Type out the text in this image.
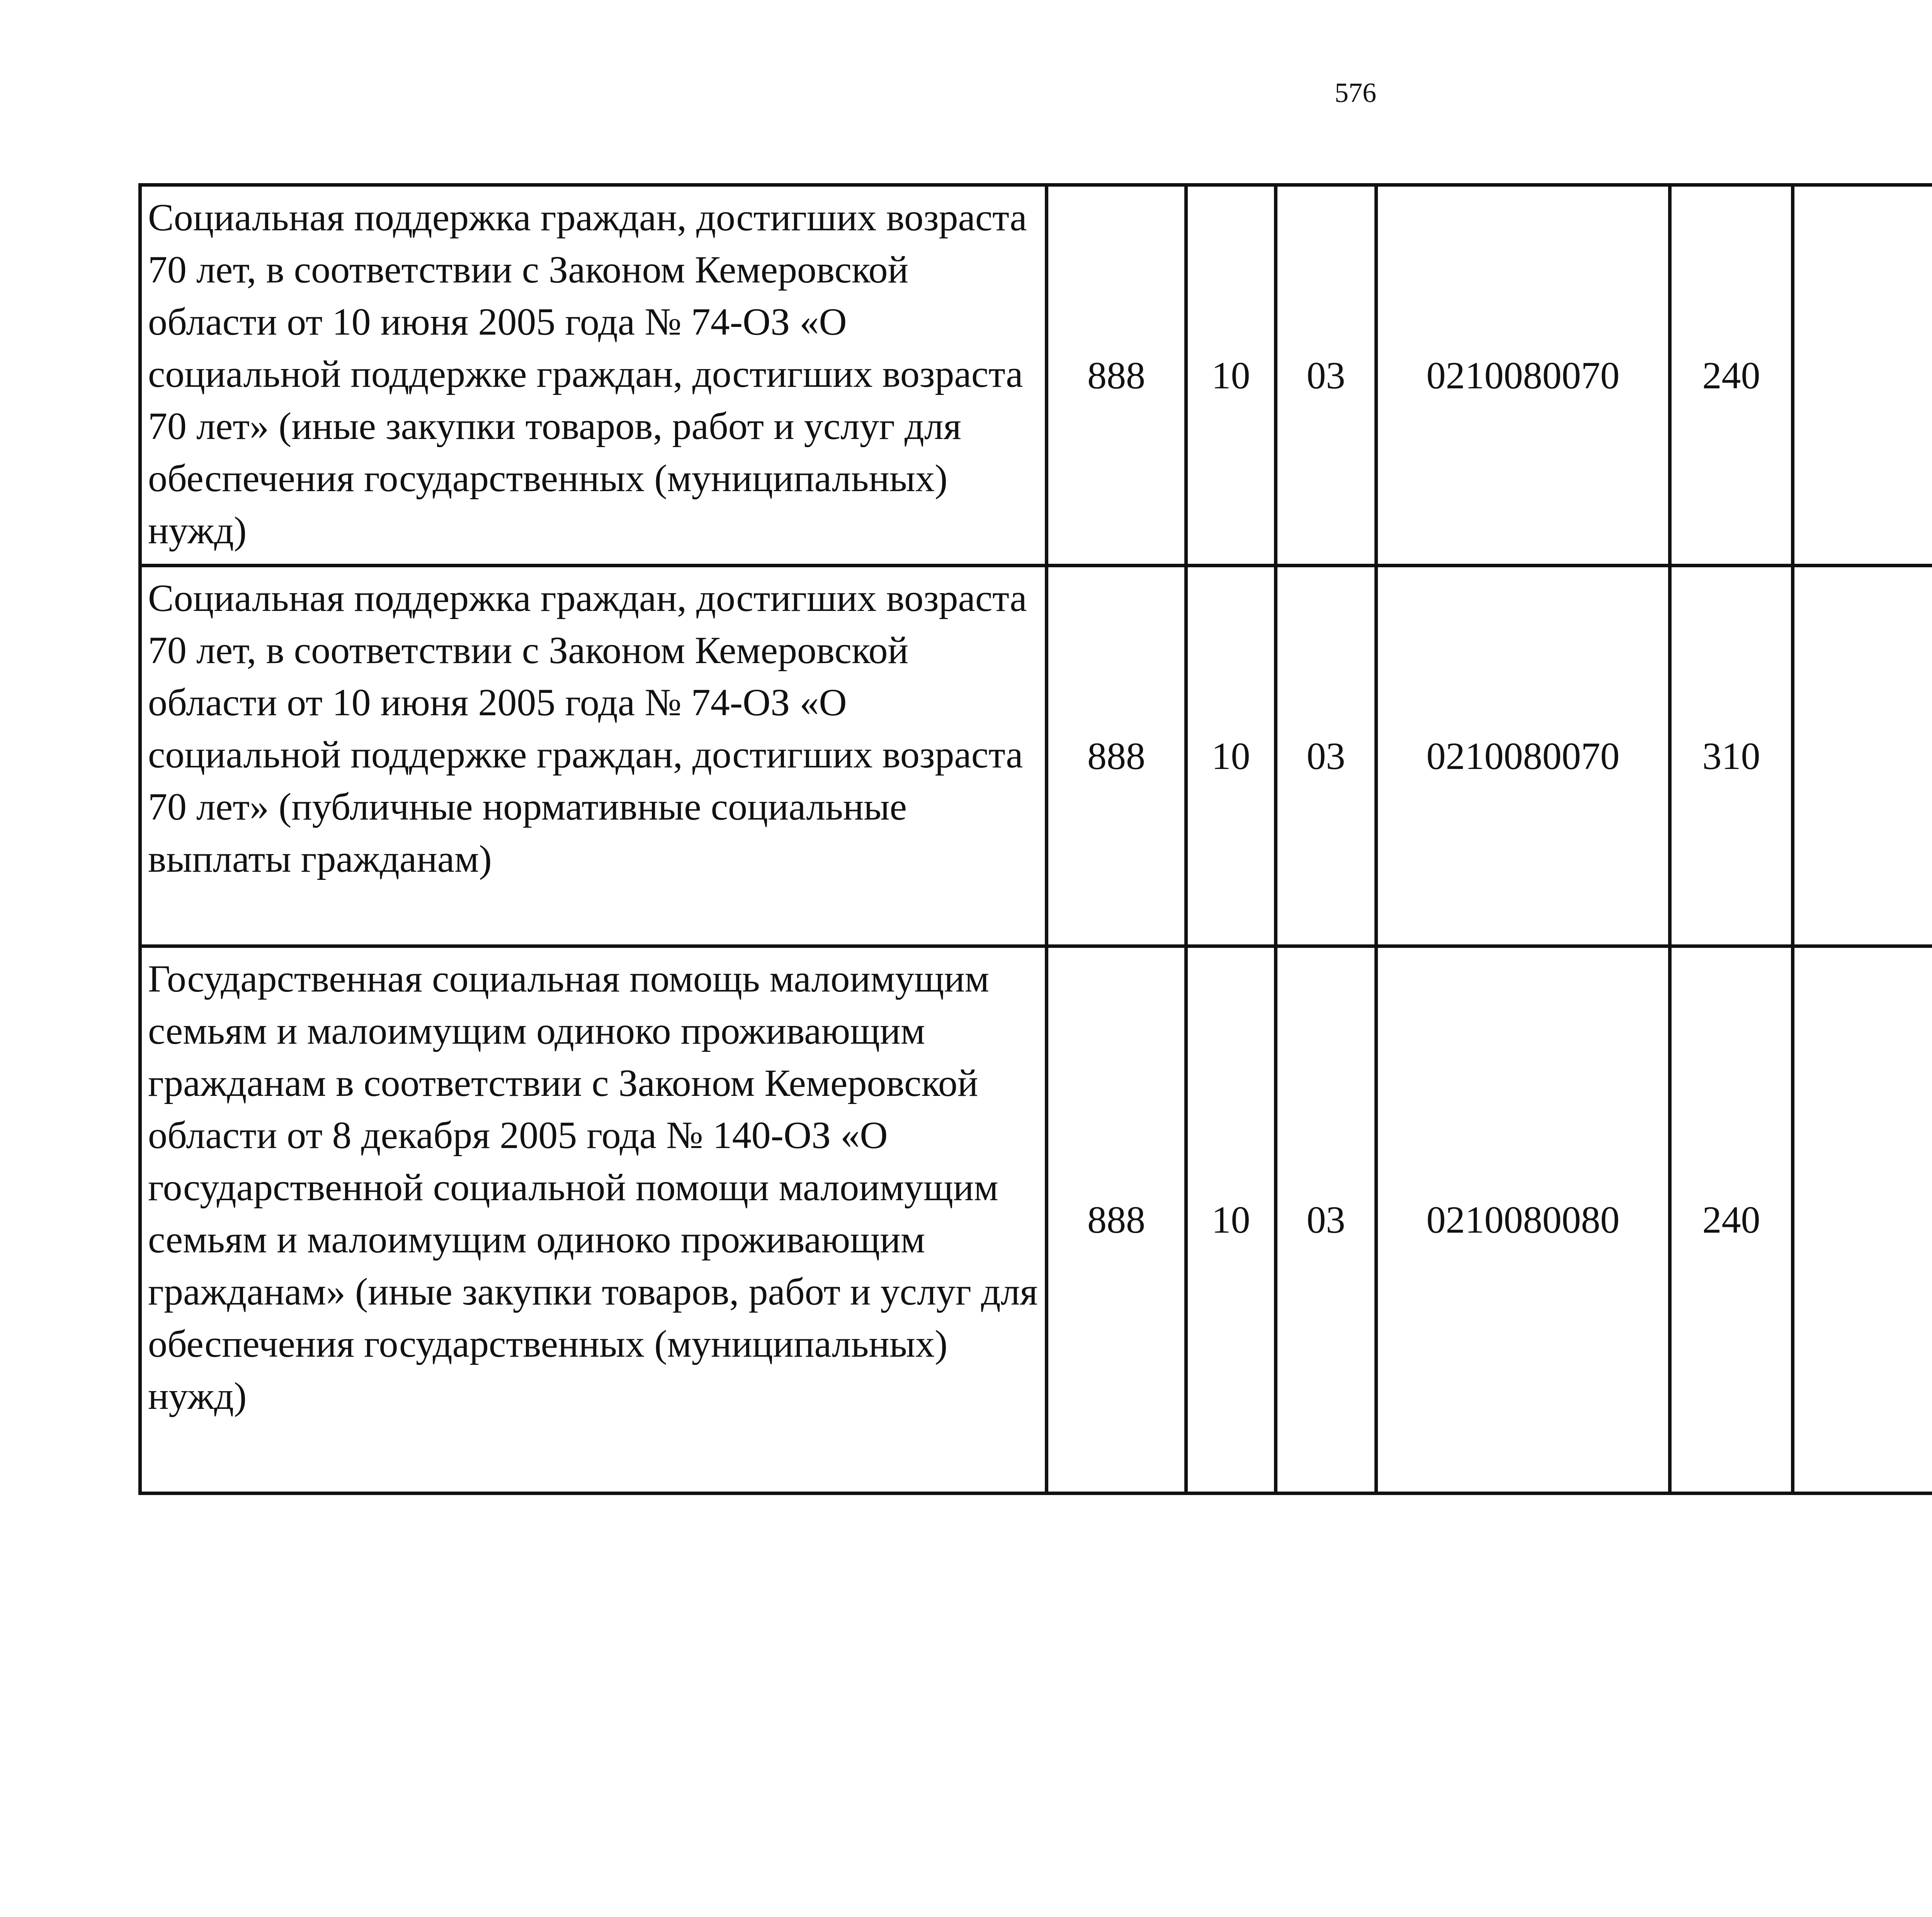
576
Социальная поддержка граждан, достигших возраста 70 лет, в соответствии с Законом Кемеровской области от 10 июня 2005 года № 74-ОЗ «О социальной поддержке граждан, достигших возраста 70 лет» (иные закупки товаров, работ и услуг для обеспечения государственных (муниципальных) нужд)	888	10	03	0210080070	240			
Социальная поддержка граждан, достигших возраста 70 лет, в соответствии с Законом Кемеровской области от 10 июня 2005 года № 74-ОЗ «О социальной поддержке граждан, достигших возраста 70 лет» (публичные нормативные социальные выплаты гражданам)	888	10	03	0210080070	310			
Государственная социальная помощь малоимущим семьям и малоимущим одиноко проживающим гражданам в соответствии с Законом Кемеровской области от 8 декабря 2005 года № 140-ОЗ «О государственной социальной помощи малоимущим семьям и малоимущим одиноко проживающим гражданам» (иные закупки товаров, работ и услуг для обеспечения государственных (муниципальных) нужд)	888	10	03	0210080080	240			
